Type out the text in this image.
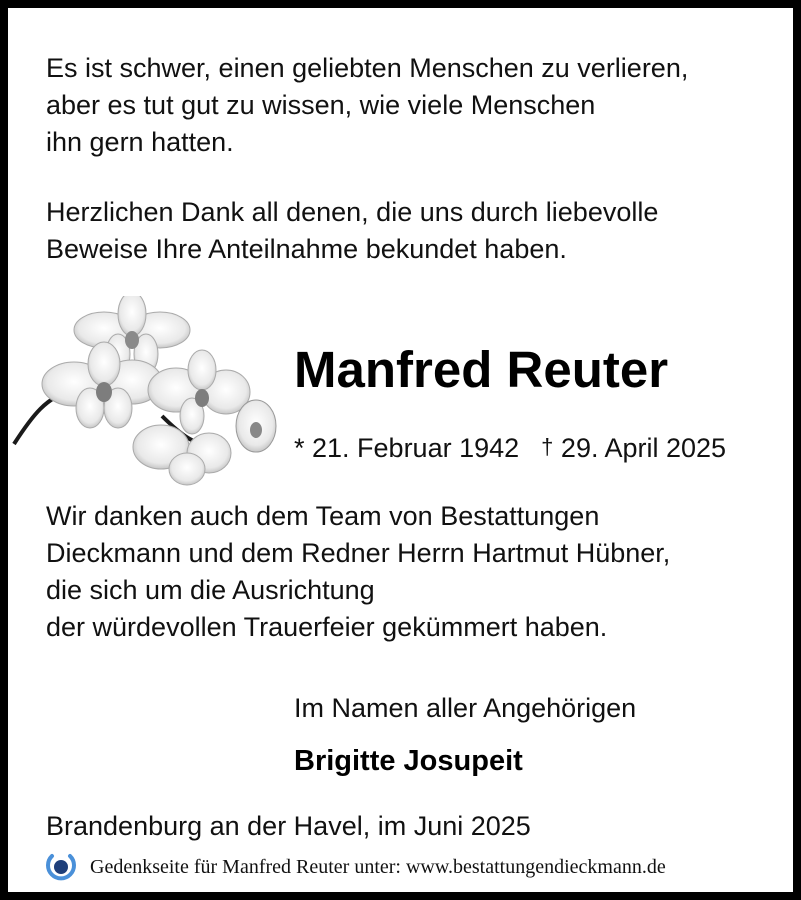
Es ist schwer, einen geliebten Menschen zu verlieren,
aber es tut gut zu wissen, wie viele Menschen
ihn gern hatten.
Herzlichen Dank all denen, die uns durch liebevolle
Beweise Ihre Anteilnahme bekundet haben.
Manfred Reuter
* 21. Februar 1942 † 29. April 2025
Wir danken auch dem Team von Bestattungen
Dieckmann und dem Redner Herrn Hartmut Hübner,
die sich um die Ausrichtung
der würdevollen Trauerfeier gekümmert haben.
Im Namen aller Angehörigen
Brigitte Josupeit
Brandenburg an der Havel, im Juni 2025
Gedenkseite für Manfred Reuter unter: www.bestattungendieckmann.de
